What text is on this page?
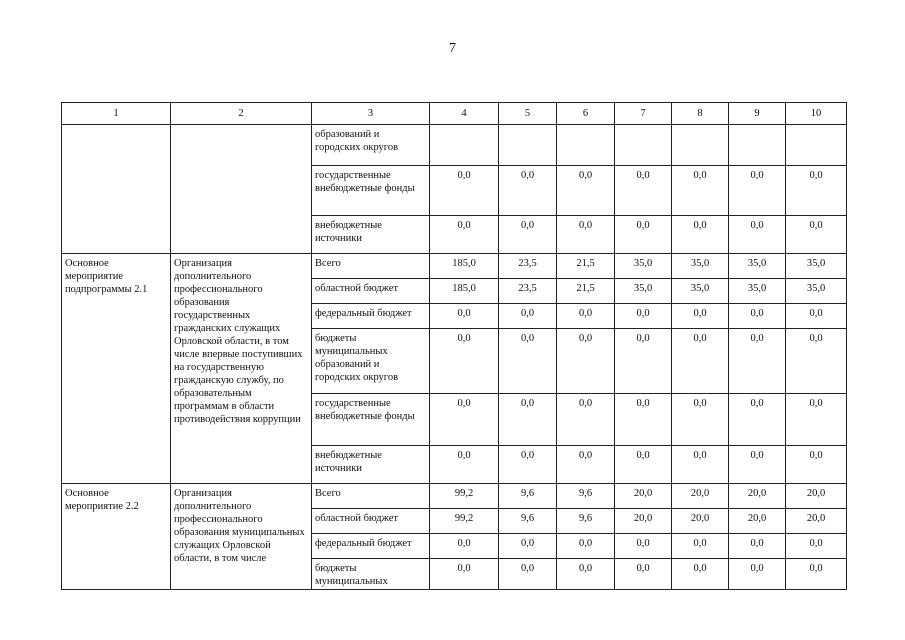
7
1	2	3	4	5	6	7	8	9	10
		образований и городских округов							
		государственные внебюджетные фонды	0,0	0,0	0,0	0,0	0,0	0,0	0,0
		внебюджетные источники	0,0	0,0	0,0	0,0	0,0	0,0	0,0
Основное мероприятие подпрограммы 2.1	Организация дополнительного профессионального образования государственных гражданских служащих Орловской области, в том числе впервые поступивших на государственную гражданскую службу, по образовательным программам в области противодействия коррупции	Всего	185,0	23,5	21,5	35,0	35,0	35,0	35,0
		областной бюджет	185,0	23,5	21,5	35,0	35,0	35,0	35,0
		федеральный бюджет	0,0	0,0	0,0	0,0	0,0	0,0	0,0
		бюджеты муниципальных образований и городских округов	0,0	0,0	0,0	0,0	0,0	0,0	0,0
		государственные внебюджетные фонды	0,0	0,0	0,0	0,0	0,0	0,0	0,0
		внебюджетные источники	0,0	0,0	0,0	0,0	0,0	0,0	0,0
Основное мероприятие 2.2	Организация дополнительного профессионального образования муниципальных служащих Орловской области, в том числе	Всего	99,2	9,6	9,6	20,0	20,0	20,0	20,0
		областной бюджет	99,2	9,6	9,6	20,0	20,0	20,0	20,0
		федеральный бюджет	0,0	0,0	0,0	0,0	0,0	0,0	0,0
		бюджеты муниципальных	0,0	0,0	0,0	0,0	0,0	0,0	0,0
